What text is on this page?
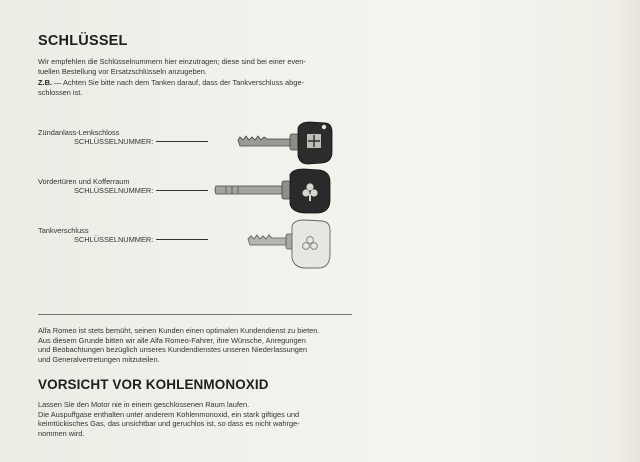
SCHLÜSSEL
Wir empfehlen die Schlüsselnummern hier einzutragen; diese sind bei einer even-
tuellen Bestellung vor Ersatzschlüsseln anzugeben.
Z.B. — Achten Sie bitte nach dem Tanken darauf, dass der Tankverschluss abge-
schlossen ist.
Zündanlass-Lenkschloss
SCHLÜSSELNUMMER:
Vordertüren und Kofferraum
SCHLÜSSELNUMMER:
Tankverschluss
SCHLÜSSELNUMMER:
Alfa Romeo ist stets bemüht, seinen Kunden einen optimalen Kundendienst zu bieten.
Aus diesem Grunde bitten wir alle Alfa Romeo-Fahrer, ihre Wünsche, Anregungen
und Beobachtungen bezüglich unseres Kundendienstes unseren Niederlassungen
und Generalvertretungen mitzuteilen.
VORSICHT VOR KOHLENMONOXID
Lassen Sie den Motor nie in einem geschlossenen Raum laufen.
Die Auspuffgase enthalten unter anderem Kohlenmonoxid, ein stark giftiges und
keimtückisches Gas, das unsichtbar und geruchlos ist, so dass es nicht wahrge-
nommen wird.
